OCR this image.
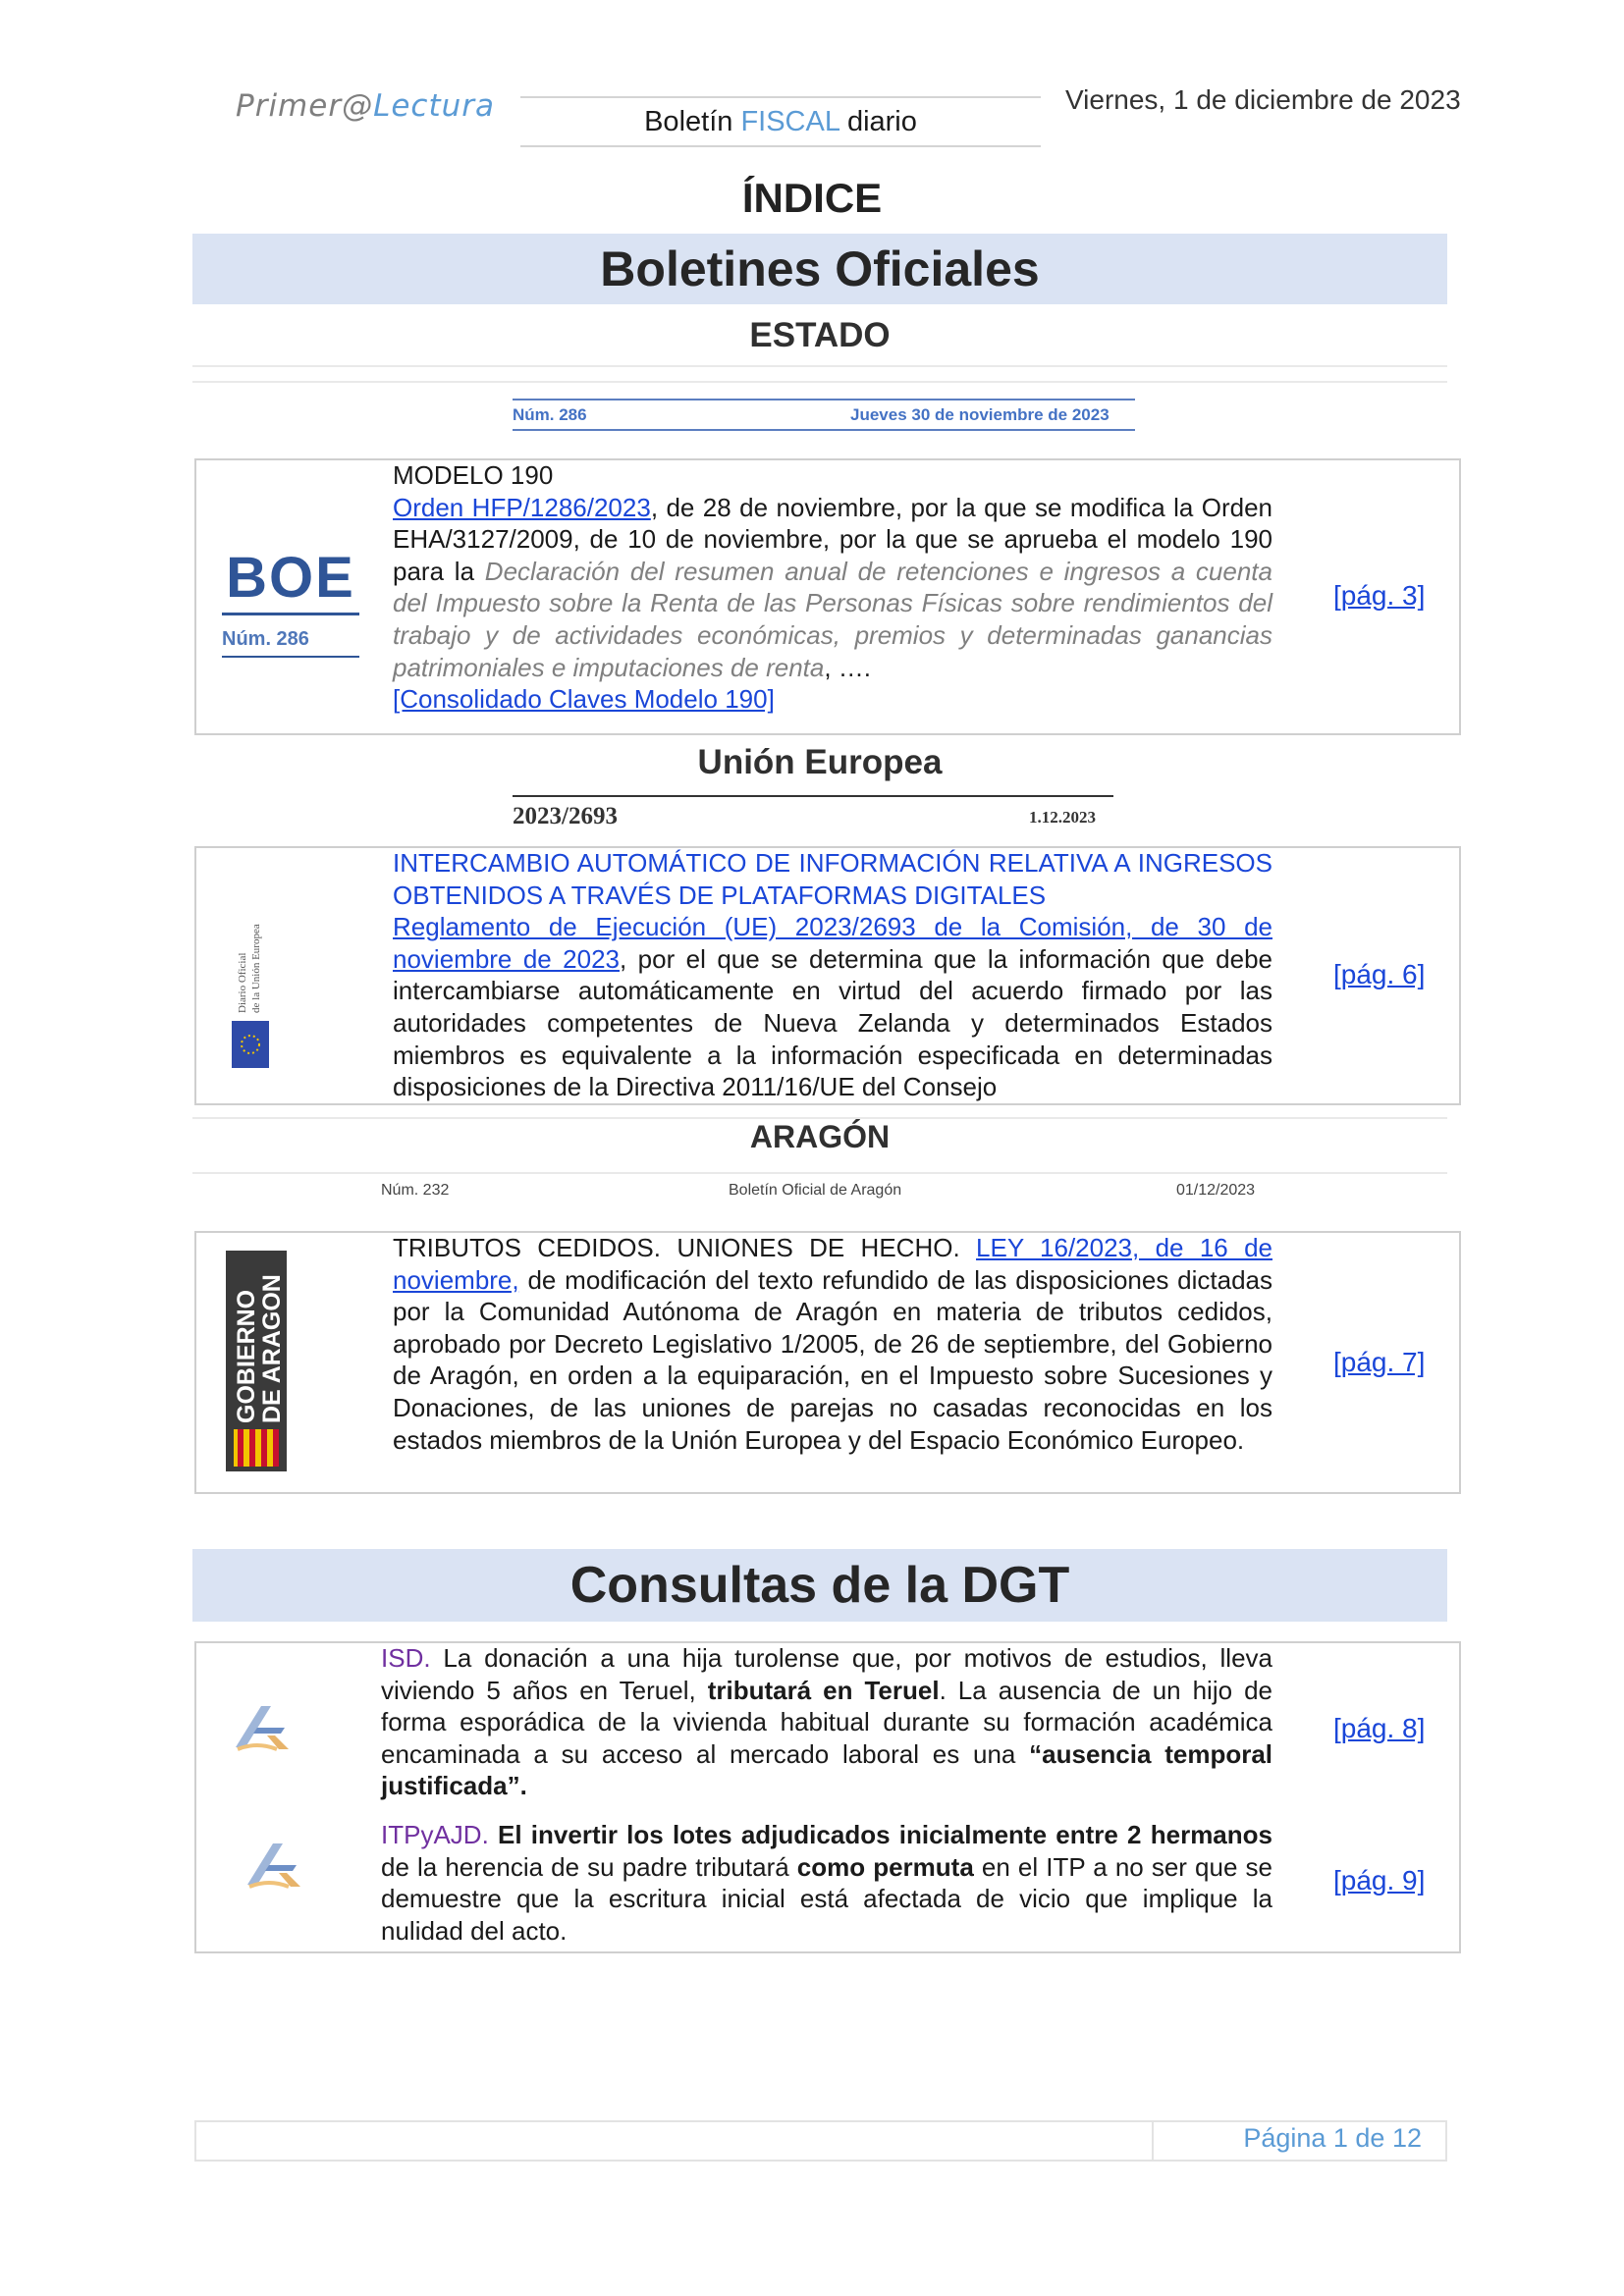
Primer@Lectura	Boletín FISCAL diario
Viernes, 1 de diciembre de 2023
ÍNDICE
Boletines Oficiales
ESTADO
Núm. 286	Jueves 30 de noviembre de 2023
BOE
Núm. 286
MODELO 190
Orden HFP/1286/2023, de 28 de noviembre, por la que se modifica la Orden EHA/3127/2009, de 10 de noviembre, por la que se aprueba el modelo 190 para la Declaración del resumen anual de retenciones e ingresos a cuenta del Impuesto sobre la Renta de las Personas Físicas sobre rendimientos del trabajo y de actividades económicas, premios y determinadas ganancias patrimoniales e imputaciones de renta, ….
[Consolidado Claves Modelo 190]
[pág. 3]
Unión Europea
2023/2693	1.12.2023
Diario Oficial de la Unión Europea
INTERCAMBIO AUTOMÁTICO DE INFORMACIÓN RELATIVA A INGRESOS OBTENIDOS A TRAVÉS DE PLATAFORMAS DIGITALES
Reglamento de Ejecución (UE) 2023/2693 de la Comisión, de 30 de noviembre de 2023, por el que se determina que la información que debe intercambiarse automáticamente en virtud del acuerdo firmado por las autoridades competentes de Nueva Zelanda y determinados Estados miembros es equivalente a la información especificada en determinadas disposiciones de la Directiva 2011/16/UE del Consejo
[pág. 6]
ARAGÓN
Núm. 232	Boletín Oficial de Aragón	01/12/2023
GOBIERNO
DE ARAGON
TRIBUTOS CEDIDOS. UNIONES DE HECHO. LEY 16/2023, de 16 de noviembre, de modificación del texto refundido de las disposiciones dictadas por la Comunidad Autónoma de Aragón en materia de tributos cedidos, aprobado por Decreto Legislativo 1/2005, de 26 de septiembre, del Gobierno de Aragón, en orden a la equiparación, en el Impuesto sobre Sucesiones y Donaciones, de las uniones de parejas no casadas reconocidas en los estados miembros de la Unión Europea y del Espacio Económico Europeo.
[pág. 7]
Consultas de la DGT
ISD. La donación a una hija turolense que, por motivos de estudios, lleva viviendo 5 años en Teruel, tributará en Teruel. La ausencia de un hijo de forma esporádica de la vivienda habitual durante su formación académica encaminada a su acceso al mercado laboral es una “ausencia temporal justificada”.
[pág. 8]
ITPyAJD. El invertir los lotes adjudicados inicialmente entre 2 hermanos de la herencia de su padre tributará como permuta en el ITP a no ser que se demuestre que la escritura inicial está afectada de vicio que implique la nulidad del acto.
[pág. 9]
Página 1 de 12
